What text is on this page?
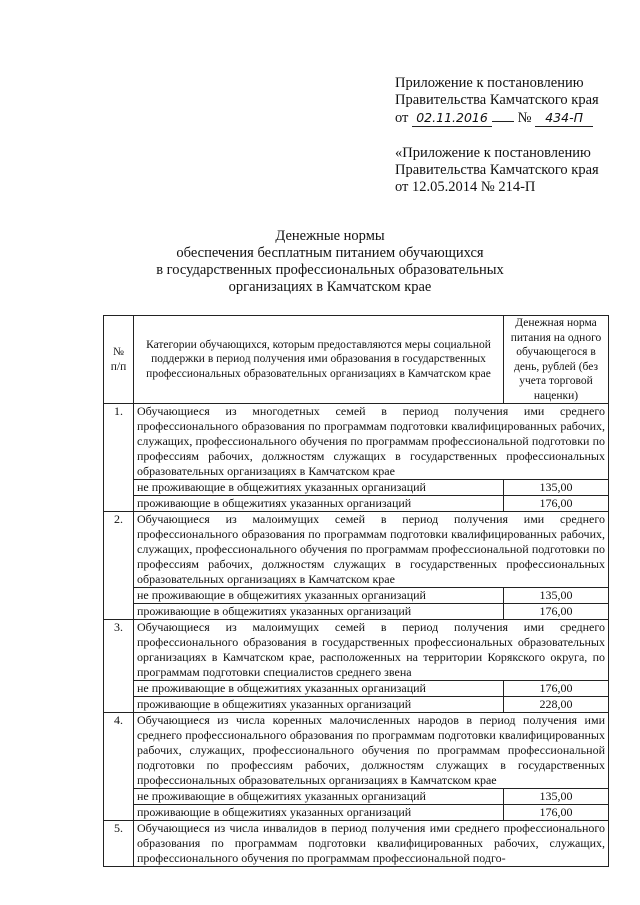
Приложение к постановлению
Правительства Камчатского края
от 02.11.2016 № 434-П
«Приложение к постановлению
Правительства Камчатского края
от 12.05.2014 № 214-П
Денежные нормы
обеспечения бесплатным питанием обучающихся
в государственных профессиональных образовательных
организациях в Камчатском крае
№ п/п	Категории обучающихся, которым предоставляются меры социальной поддержки в период получения ими образования в государственных профессиональных образовательных организациях в Камчатском крае	Денежная норма питания на одного обучающегося в день, рублей (без учета торговой наценки)
1.	Обучающиеся из многодетных семей в период получения ими среднего профессионального образования по программам подготовки квалифицированных рабочих, служащих, профессионального обучения по программам профессиональной подготовки по профессиям рабочих, должностям служащих в государственных профессиональных образовательных организациях в Камчатском крае	
	не проживающие в общежитиях указанных организаций	135,00
	проживающие в общежитиях указанных организаций	176,00
2.	Обучающиеся из малоимущих семей в период получения ими среднего профессионального образования по программам подготовки квалифицированных рабочих, служащих, профессионального обучения по программам профессиональной подготовки по профессиям рабочих, должностям служащих в государственных профессиональных образовательных организациях в Камчатском крае	
	не проживающие в общежитиях указанных организаций	135,00
	проживающие в общежитиях указанных организаций	176,00
3.	Обучающиеся из малоимущих семей в период получения ими среднего профессионального образования в государственных профессиональных образовательных организациях в Камчатском крае, расположенных на территории Корякского округа, по программам подготовки специалистов среднего звена	
	не проживающие в общежитиях указанных организаций	176,00
	проживающие в общежитиях указанных организаций	228,00
4.	Обучающиеся из числа коренных малочисленных народов в период получения ими среднего профессионального образования по программам подготовки квалифицированных рабочих, служащих, профессионального обучения по программам профессиональной подготовки по профессиям рабочих, должностям служащих в государственных профессиональных образовательных организациях в Камчатском крае	
	не проживающие в общежитиях указанных организаций	135,00
	проживающие в общежитиях указанных организаций	176,00
5.	Обучающиеся из числа инвалидов в период получения ими среднего профессионального образования по программам подготовки квалифицированных рабочих, служащих, профессионального обучения по программам профессиональной подго-	
